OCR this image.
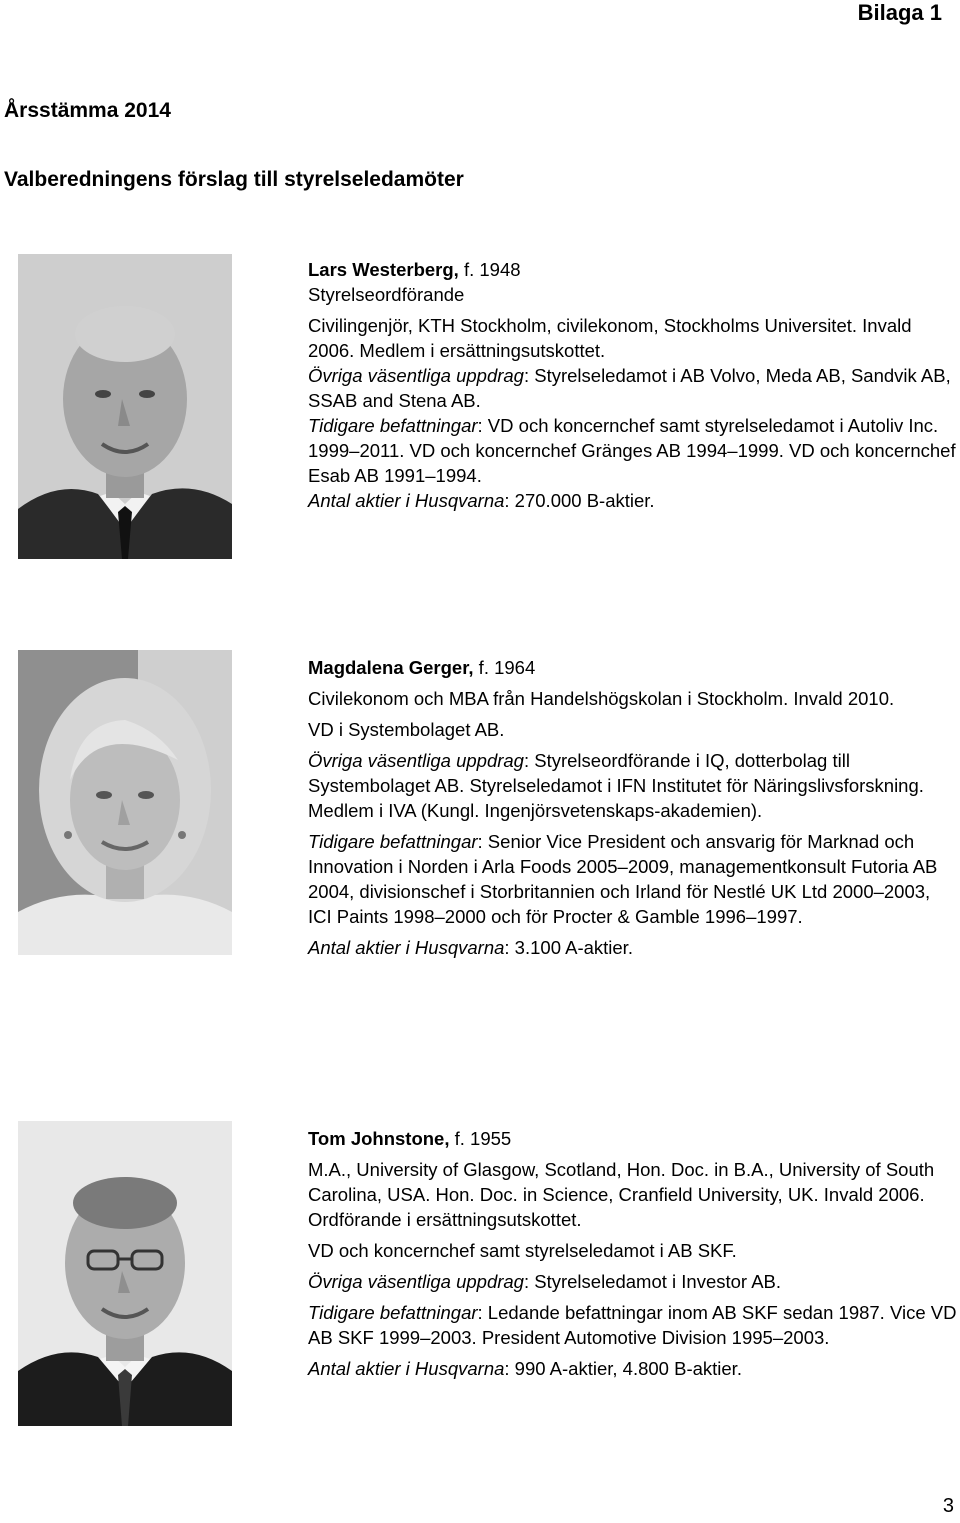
Bilaga 1
Årsstämma 2014
Valberedningens förslag till styrelseledamöter

Lars Westerberg, f. 1948

Styrelseordförande

Civilingenjör, KTH Stockholm, civilekonom, Stockholms Universitet. Invald 2006. Medlem i ersättningsutskottet.

Övriga väsentliga uppdrag: Styrelseledamot i AB Volvo, Meda AB, Sandvik AB, SSAB and Stena AB.

Tidigare befattningar: VD och koncernchef samt styrelseledamot i Autoliv Inc. 1999–2011. VD och koncernchef Gränges AB 1994–1999. VD och koncernchef Esab AB 1991–1994.

Antal aktier i Husqvarna: 270.000 B-aktier.

Magdalena Gerger, f. 1964

Civilekonom och MBA från Handelshögskolan i Stockholm. Invald 2010.

VD i Systembolaget AB.

Övriga väsentliga uppdrag: Styrelseordförande i IQ, dotterbolag till Systembolaget AB. Styrelseledamot i IFN Institutet för Näringslivsforskning. Medlem i IVA (Kungl. Ingenjörsvetenskaps-akademien).

Tidigare befattningar: Senior Vice President och ansvarig för Marknad och Innovation i Norden i Arla Foods 2005–2009, managementkonsult Futoria AB 2004, divisionschef i Storbritannien och Irland för Nestlé UK Ltd 2000–2003, ICI Paints 1998–2000 och för Procter & Gamble 1996–1997.

Antal aktier i Husqvarna: 3.100 A-aktier.

Tom Johnstone, f. 1955

M.A., University of Glasgow, Scotland, Hon. Doc. in B.A., University of South Carolina, USA. Hon. Doc. in Science, Cranfield University, UK. Invald 2006. Ordförande i ersättningsutskottet.

VD och koncernchef samt styrelseledamot i AB SKF.

Övriga väsentliga uppdrag: Styrelseledamot i Investor AB.

Tidigare befattningar: Ledande befattningar inom AB SKF sedan 1987. Vice VD AB SKF 1999–2003. President Automotive Division 1995–2003.

Antal aktier i Husqvarna: 990 A-aktier, 4.800 B-aktier.

3
